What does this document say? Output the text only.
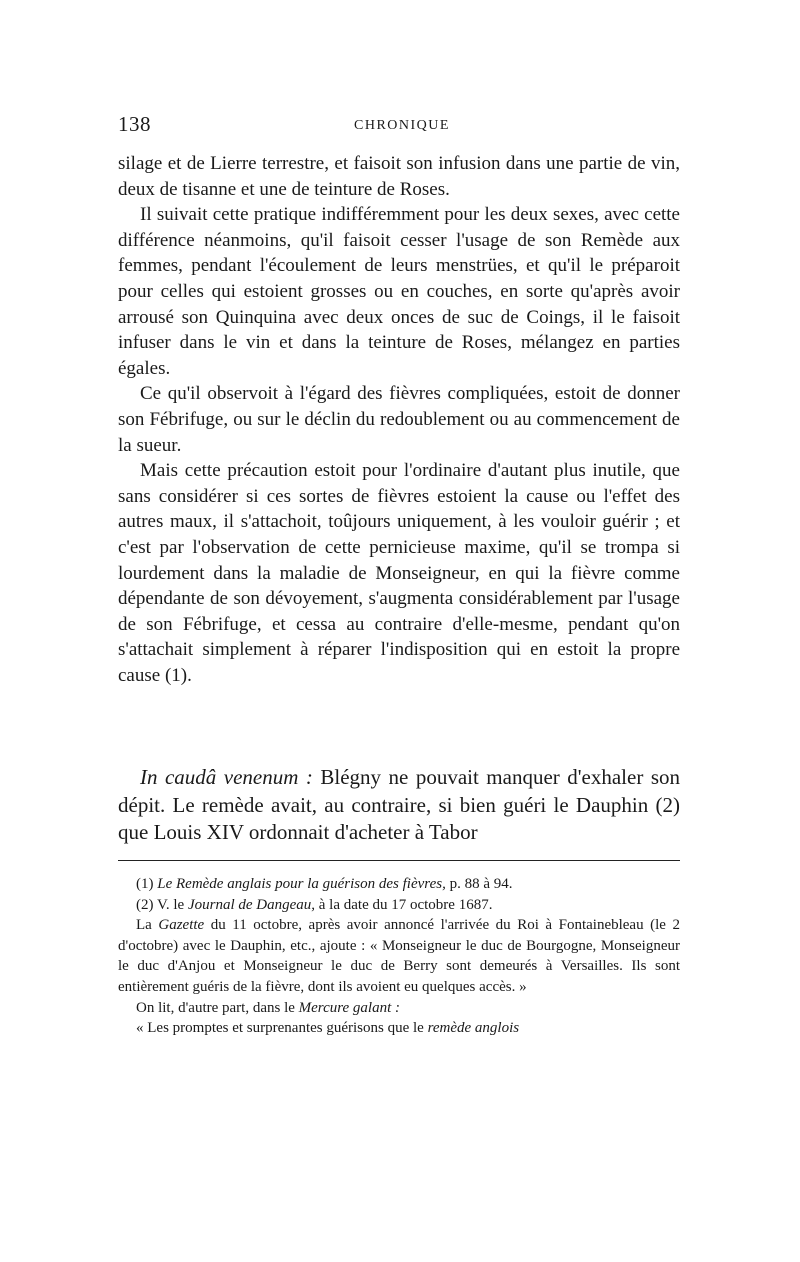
138	CHRONIQUE

silage et de Lierre terrestre, et faisoit son infusion dans une partie de vin, deux de tisanne et une de teinture de Roses.

Il suivait cette pratique indifféremment pour les deux sexes, avec cette différence néanmoins, qu'il faisoit cesser l'usage de son Remède aux femmes, pendant l'écoulement de leurs menstrües, et qu'il le préparoit pour celles qui estoient grosses ou en couches, en sorte qu'après avoir arrousé son Quinquina avec deux onces de suc de Coings, il le faisoit infuser dans le vin et dans la teinture de Roses, mélangez en parties égales.

Ce qu'il observoit à l'égard des fièvres compliquées, estoit de donner son Fébrifuge, ou sur le déclin du redoublement ou au commencement de la sueur.

Mais cette précaution estoit pour l'ordinaire d'autant plus inutile, que sans considérer si ces sortes de fièvres estoient la cause ou l'effet des autres maux, il s'attachoit, toûjours uniquement, à les vouloir guérir ; et c'est par l'observation de cette pernicieuse maxime, qu'il se trompa si lourdement dans la maladie de Monseigneur, en qui la fièvre comme dépendante de son dévoyement, s'augmenta considérablement par l'usage de son Fébrifuge, et cessa au contraire d'elle-mesme, pendant qu'on s'attachait simplement à réparer l'indisposition qui en estoit la propre cause (1).

In caudâ venenum : Blégny ne pouvait manquer d'exhaler son dépit. Le remède avait, au contraire, si bien guéri le Dauphin (2) que Louis XIV ordonnait d'acheter à Tabor

(1) Le Remède anglais pour la guérison des fièvres, p. 88 à 94.

(2) V. le Journal de Dangeau, à la date du 17 octobre 1687.

La Gazette du 11 octobre, après avoir annoncé l'arrivée du Roi à Fontainebleau (le 2 d'octobre) avec le Dauphin, etc., ajoute : « Monseigneur le duc de Bourgogne, Monseigneur le duc d'Anjou et Monseigneur le duc de Berry sont demeurés à Versailles. Ils sont entièrement guéris de la fièvre, dont ils avoient eu quelques accès. »

On lit, d'autre part, dans le Mercure galant :

« Les promptes et surprenantes guérisons que le remède anglois
